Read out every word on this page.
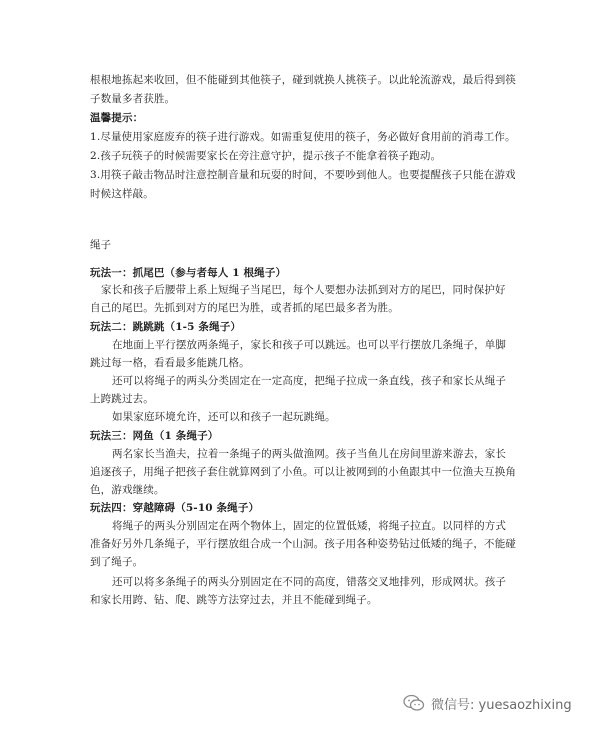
根根地拣起来收回，但不能碰到其他筷子，碰到就换人挑筷子。以此轮流游戏，最后得到筷
子数量多者获胜。
温馨提示：
1.尽量使用家庭废弃的筷子进行游戏。如需重复使用的筷子，务必做好食用前的消毒工作。
2.孩子玩筷子的时候需要家长在旁注意守护，提示孩子不能拿着筷子跑动。
3.用筷子敲击物品时注意控制音量和玩耍的时间，不要吵到他人。也要提醒孩子只能在游戏
时候这样敲。
绳子
玩法一：抓尾巴（参与者每人 1 根绳子）
家长和孩子后腰带上系上短绳子当尾巴，每个人要想办法抓到对方的尾巴，同时保护好
自己的尾巴。先抓到对方的尾巴为胜，或者抓的尾巴最多者为胜。
玩法二：跳跳跳（1-5 条绳子）
在地面上平行摆放两条绳子，家长和孩子可以跳远。也可以平行摆放几条绳子，单脚
跳过每一格，看看最多能跳几格。
还可以将绳子的两头分类固定在一定高度，把绳子拉成一条直线，孩子和家长从绳子
上跨跳过去。
如果家庭环境允许，还可以和孩子一起玩跳绳。
玩法三：网鱼（1 条绳子）
两名家长当渔夫，拉着一条绳子的两头做渔网。孩子当鱼儿在房间里游来游去，家长
追逐孩子，用绳子把孩子套住就算网到了小鱼。可以让被网到的小鱼跟其中一位渔夫互换角
色，游戏继续。
玩法四：穿越障碍（5-10 条绳子）
将绳子的两头分别固定在两个物体上，固定的位置低矮，将绳子拉直。以同样的方式
准备好另外几条绳子，平行摆放组合成一个山洞。孩子用各种姿势钻过低矮的绳子，不能碰
到了绳子。
还可以将多条绳子的两头分别固定在不同的高度，错落交叉地排列，形成网状。孩子
和家长用跨、钻、爬、跳等方法穿过去，并且不能碰到绳子。
微信号: yuesaozhixing
